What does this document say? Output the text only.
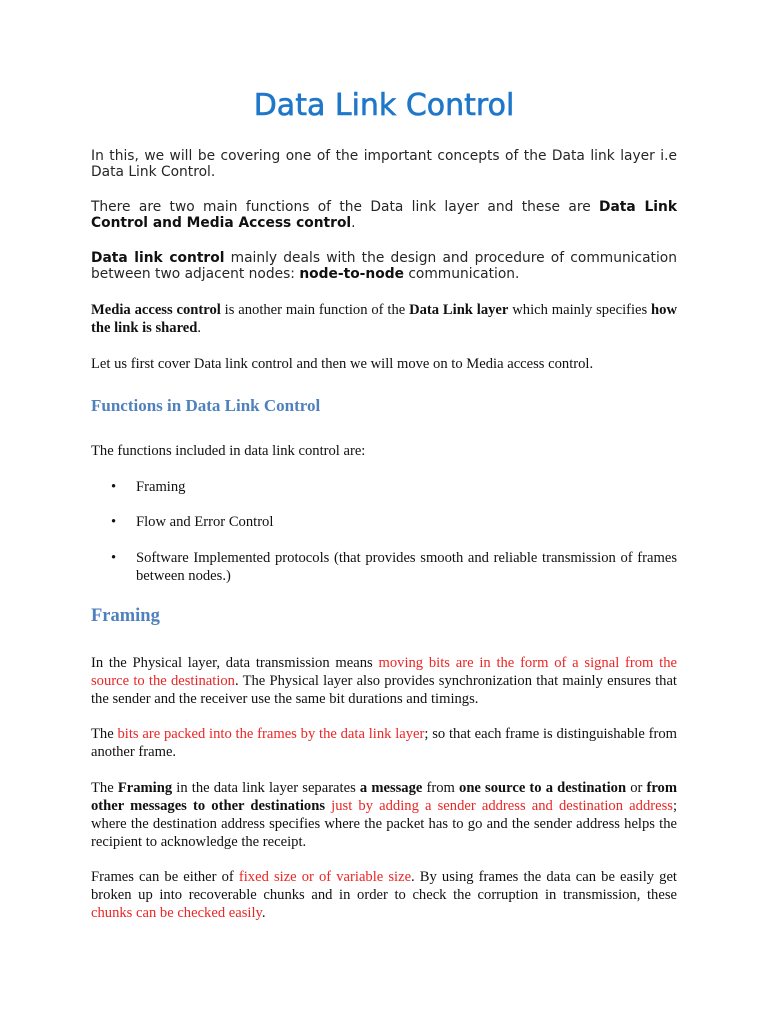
Data Link Control

In this, we will be covering one of the important concepts of the Data link layer i.e Data Link Control.

There are two main functions of the Data link layer and these are Data Link Control and Media Access control.

Data link control mainly deals with the design and procedure of communication between two adjacent nodes: node-to-node communication.

Media access control is another main function of the Data Link layer which mainly specifies how the link is shared.

Let us first cover Data link control and then we will move on to Media access control.

Functions in Data Link Control

The functions included in data link control are:

• Framing
• Flow and Error Control
• Software Implemented protocols (that provides smooth and reliable transmission of frames between nodes.)
Framing

In the Physical layer, data transmission means moving bits are in the form of a signal from the source to the destination. The Physical layer also provides synchronization that mainly ensures that the sender and the receiver use the same bit durations and timings.

The bits are packed into the frames by the data link layer; so that each frame is distinguishable from another frame.

The Framing in the data link layer separates a message from one source to a destination or from other messages to other destinations just by adding a sender address and destination address; where the destination address specifies where the packet has to go and the sender address helps the recipient to acknowledge the receipt.

Frames can be either of fixed size or of variable size. By using frames the data can be easily get broken up into recoverable chunks and in order to check the corruption in transmission, these chunks can be checked easily.
